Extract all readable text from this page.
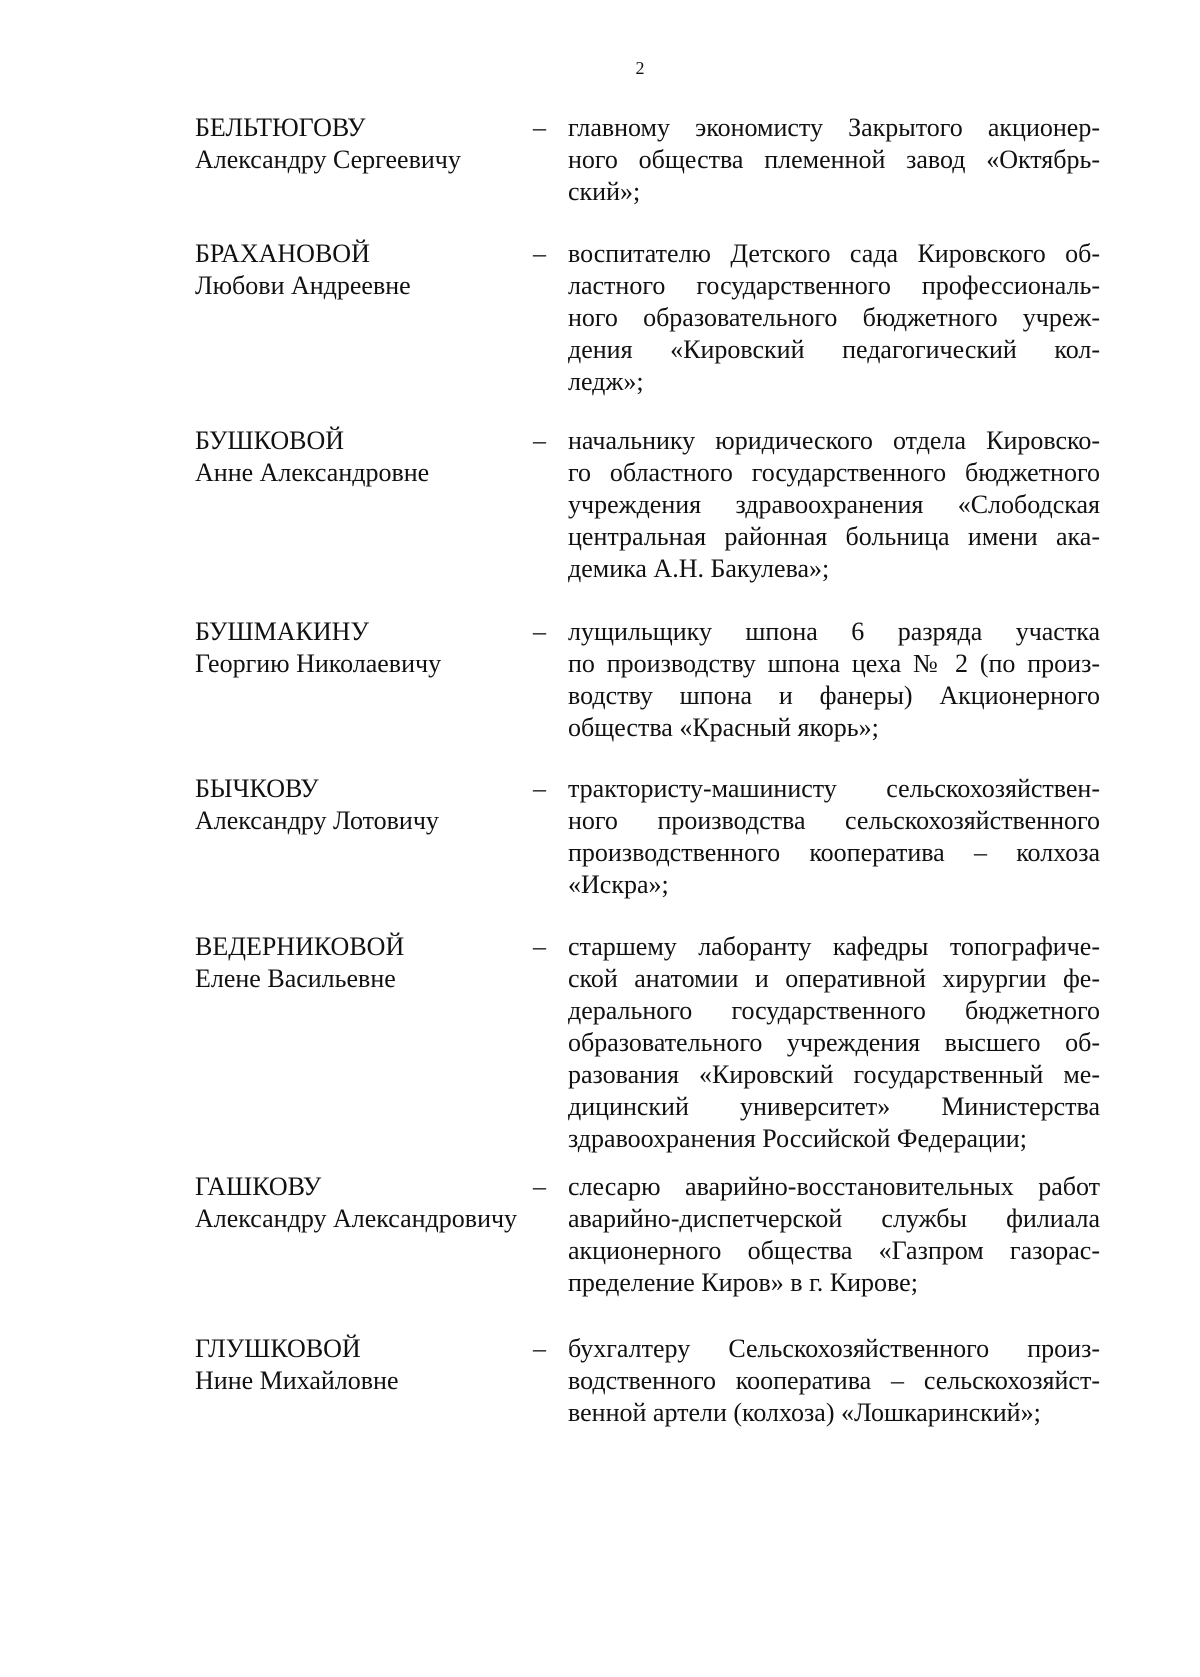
2
БЕЛЬТЮГОВУ
Александру Сергеевичу
– главному экономисту Закрытого акционер-
ного общества племенной завод «Октябрь-
ский»;
БРАХАНОВОЙ
Любови Андреевне
– воспитателю Детского сада Кировского об-
ластного государственного профессиональ-
ного образовательного бюджетного учреж-
дения «Кировский педагогический кол-
ледж»;
БУШКОВОЙ
Анне Александровне
– начальнику юридического отдела Кировско-
го областного государственного бюджетного
учреждения здравоохранения «Слободская
центральная районная больница имени ака-
демика А.Н. Бакулева»;
БУШМАКИНУ
Георгию Николаевичу
– лущильщику шпона 6 разряда участка
по производству шпона цеха № 2 (по произ-
водству шпона и фанеры) Акционерного
общества «Красный якорь»;
БЫЧКОВУ
Александру Лотовичу
– трактористу-машинисту сельскохозяйствен-
ного производства сельскохозяйственного
производственного кооператива – колхоза
«Искра»;
ВЕДЕРНИКОВОЙ
Елене Васильевне
– старшему лаборанту кафедры топографиче-
ской анатомии и оперативной хирургии фе-
дерального государственного бюджетного
образовательного учреждения высшего об-
разования «Кировский государственный ме-
дицинский университет» Министерства
здравоохранения Российской Федерации;
ГАШКОВУ
Александру Александровичу
– слесарю аварийно-восстановительных работ
аварийно-диспетчерской службы филиала
акционерного общества «Газпром газорас-
пределение Киров» в г. Кирове;
ГЛУШКОВОЙ
Нине Михайловне
– бухгалтеру Сельскохозяйственного произ-
водственного кооператива – сельскохозяйст-
венной артели (колхоза) «Лошкаринский»;
